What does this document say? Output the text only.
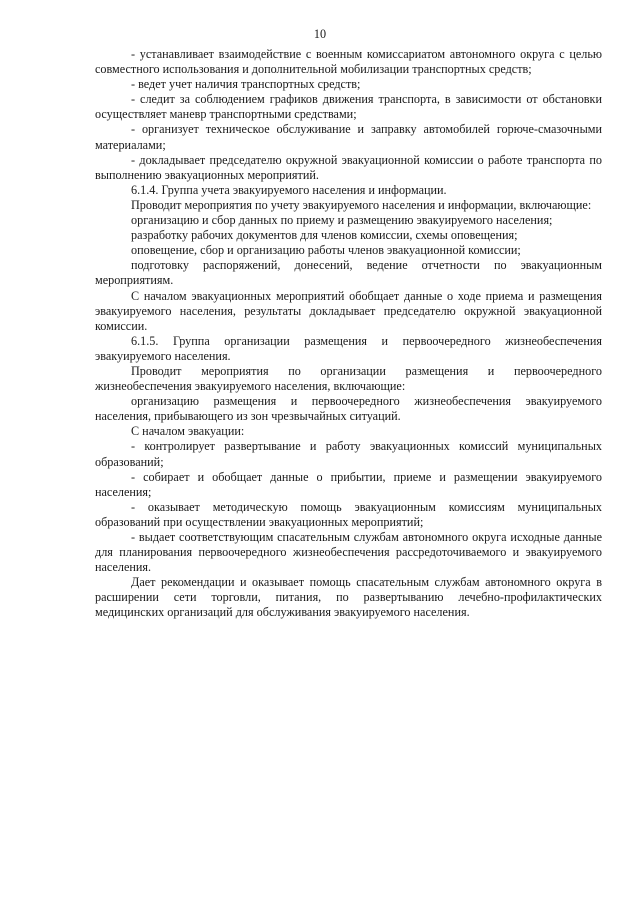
10

- устанавливает взаимодействие с военным комиссариатом автономного округа с целью совместного использования и дополнительной мобилизации транспортных средств;

- ведет учет наличия транспортных средств;

- следит за соблюдением графиков движения транспорта, в зависимости от обстановки осуществляет маневр транспортными средствами;

- организует техническое обслуживание и заправку автомобилей горюче-смазочными материалами;

- докладывает председателю окружной эвакуационной комиссии о работе транспорта по выполнению эвакуационных мероприятий.

6.1.4. Группа учета эвакуируемого населения и информации.

Проводит мероприятия по учету эвакуируемого населения и информации, включающие:

организацию и сбор данных по приему и размещению эвакуируемого населения;

разработку рабочих документов для членов комиссии, схемы оповещения;

оповещение, сбор и организацию работы членов эвакуационной комиссии;

подготовку распоряжений, донесений, ведение отчетности по эвакуационным мероприятиям.

С началом эвакуационных мероприятий обобщает данные о ходе приема и размещения эвакуируемого населения, результаты докладывает председателю окружной эвакуационной комиссии.

6.1.5. Группа организации размещения и первоочередного жизнеобеспечения эвакуируемого населения.

Проводит мероприятия по организации размещения и первоочередного жизнеобеспечения эвакуируемого населения, включающие:

организацию размещения и первоочередного жизнеобеспечения эвакуируемого населения, прибывающего из зон чрезвычайных ситуаций.

С началом эвакуации:

- контролирует развертывание и работу эвакуационных комиссий муниципальных образований;

- собирает и обобщает данные о прибытии, приеме и размещении эвакуируемого населения;

- оказывает методическую помощь эвакуационным комиссиям муниципальных образований при осуществлении эвакуационных мероприятий;

- выдает соответствующим спасательным службам автономного округа исходные данные для планирования первоочередного жизнеобеспечения рассредоточиваемого и эвакуируемого населения.

Дает рекомендации и оказывает помощь спасательным службам автономного округа в расширении сети торговли, питания, по развертыванию лечебно-профилактических медицинских организаций для обслуживания эвакуируемого населения.
